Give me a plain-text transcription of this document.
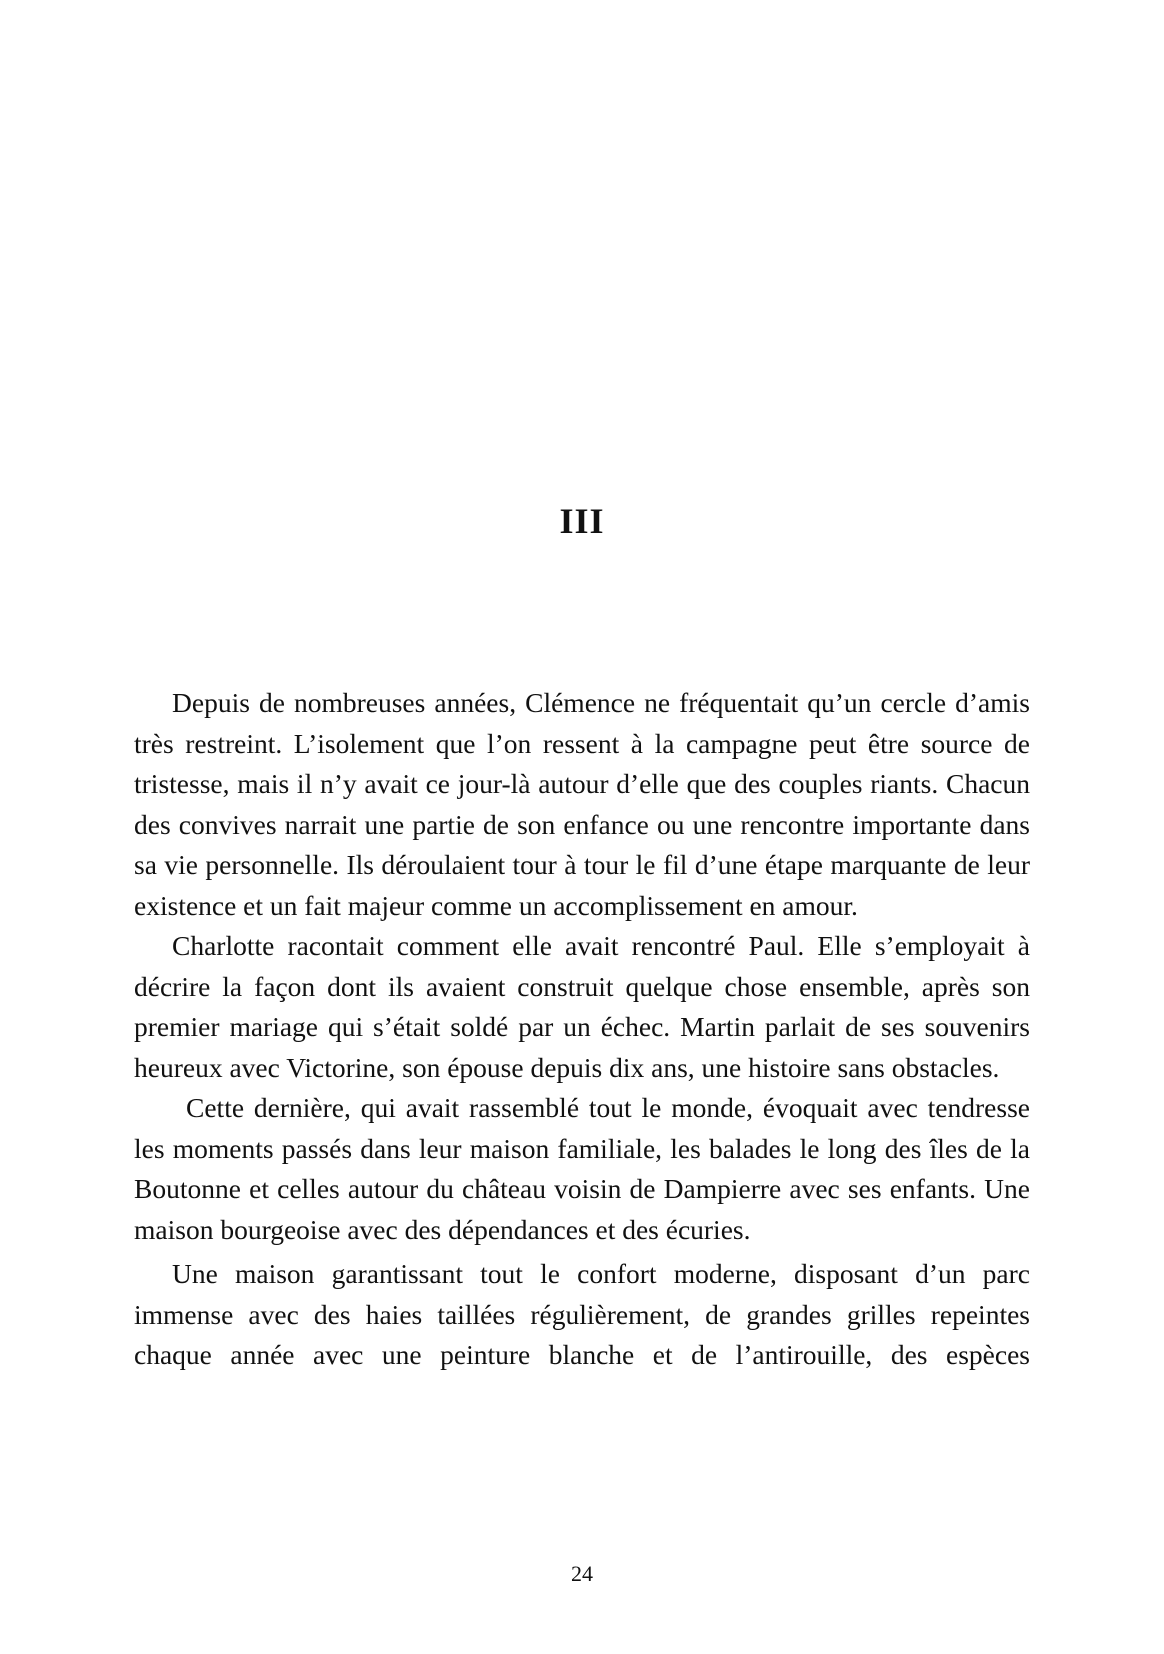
III

Depuis de nombreuses années, Clémence ne fréquentait qu’un cercle d’amis très restreint. L’isolement que l’on ressent à la campagne peut être source de tristesse, mais il n’y avait ce jour-là autour d’elle que des couples riants. Chacun des convives narrait une partie de son enfance ou une rencontre importante dans sa vie personnelle. Ils déroulaient tour à tour le fil d’une étape marquante de leur existence et un fait majeur comme un accomplissement en amour.

Charlotte racontait comment elle avait rencontré Paul. Elle s’employait à décrire la façon dont ils avaient construit quelque chose ensemble, après son premier mariage qui s’était soldé par un échec. Martin parlait de ses souvenirs heureux avec Victorine, son épouse depuis dix ans, une histoire sans obstacles.

Cette dernière, qui avait rassemblé tout le monde, évoquait avec tendresse les moments passés dans leur maison familiale, les balades le long des îles de la Boutonne et celles autour du château voisin de Dampierre avec ses enfants. Une maison bourgeoise avec des dépendances et des écuries.

Une maison garantissant tout le confort moderne, disposant d’un parc immense avec des haies taillées régulièrement, de grandes grilles repeintes chaque année avec une peinture blanche et de l’antirouille, des espèces

24
